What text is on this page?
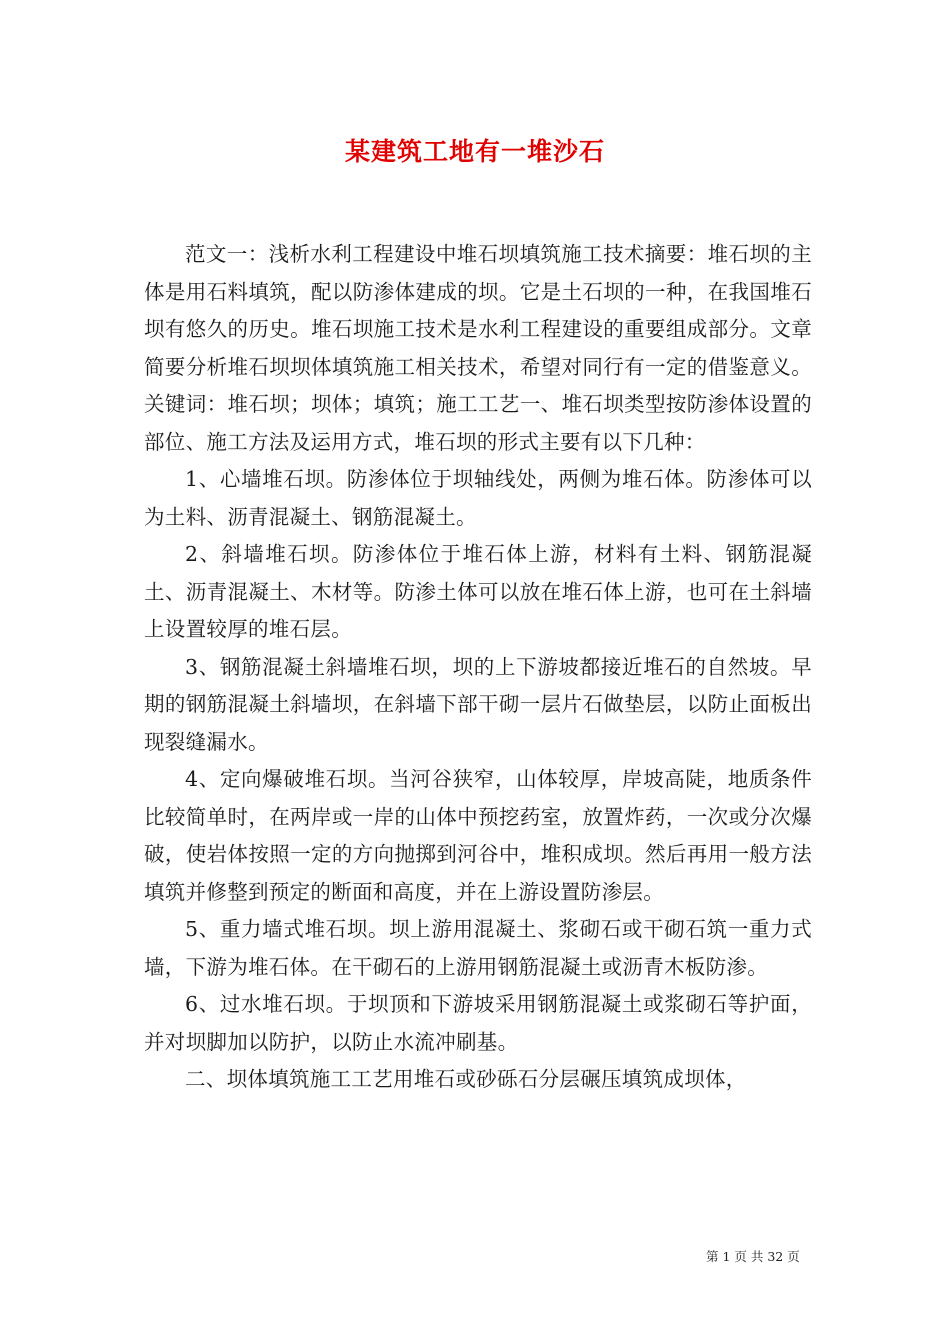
某建筑工地有一堆沙石

范文一：浅析水利工程建设中堆石坝填筑施工技术摘要：堆石坝的主体是用石料填筑，配以防渗体建成的坝。它是土石坝的一种，在我国堆石坝有悠久的历史。堆石坝施工技术是水利工程建设的重要组成部分。文章简要分析堆石坝坝体填筑施工相关技术，希望对同行有一定的借鉴意义。关键词：堆石坝；坝体；填筑；施工工艺一、堆石坝类型按防渗体设置的部位、施工方法及运用方式，堆石坝的形式主要有以下几种：

1、心墙堆石坝。防渗体位于坝轴线处，两侧为堆石体。防渗体可以为土料、沥青混凝土、钢筋混凝土。

2、斜墙堆石坝。防渗体位于堆石体上游，材料有土料、钢筋混凝土、沥青混凝土、木材等。防渗土体可以放在堆石体上游，也可在土斜墙上设置较厚的堆石层。

3、钢筋混凝土斜墙堆石坝，坝的上下游坡都接近堆石的自然坡。早期的钢筋混凝土斜墙坝，在斜墙下部干砌一层片石做垫层，以防止面板出现裂缝漏水。

4、定向爆破堆石坝。当河谷狭窄，山体较厚，岸坡高陡，地质条件比较简单时，在两岸或一岸的山体中预挖药室，放置炸药，一次或分次爆破，使岩体按照一定的方向抛掷到河谷中，堆积成坝。然后再用一般方法填筑并修整到预定的断面和高度，并在上游设置防渗层。

5、重力墙式堆石坝。坝上游用混凝土、浆砌石或干砌石筑一重力式墙，下游为堆石体。在干砌石的上游用钢筋混凝土或沥青木板防渗。

6、过水堆石坝。于坝顶和下游坡采用钢筋混凝土或浆砌石等护面，并对坝脚加以防护，以防止水流冲刷基。

二、坝体填筑施工工艺用堆石或砂砾石分层碾压填筑成坝体，

第 1 页 共 32 页
